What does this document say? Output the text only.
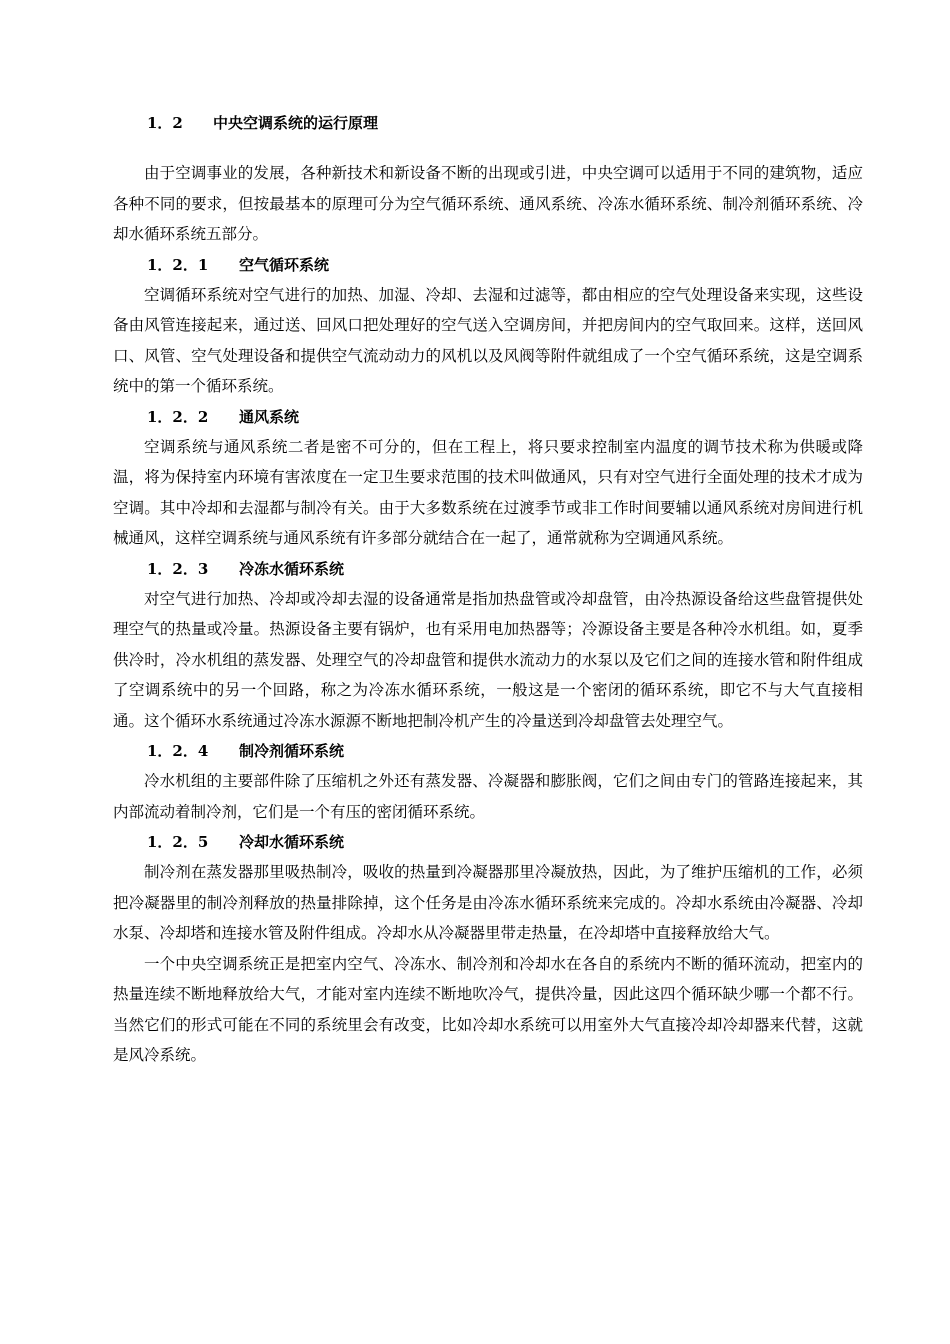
1．2 中央空调系统的运行原理

由于空调事业的发展，各种新技术和新设备不断的出现或引进，中央空调可以适用于不同的建筑物，适应各种不同的要求，但按最基本的原理可分为空气循环系统、通风系统、冷冻水循环系统、制冷剂循环系统、冷却水循环系统五部分。

1．2．1 空气循环系统

空调循环系统对空气进行的加热、加湿、冷却、去湿和过滤等，都由相应的空气处理设备来实现，这些设备由风管连接起来，通过送、回风口把处理好的空气送入空调房间，并把房间内的空气取回来。这样，送回风口、风管、空气处理设备和提供空气流动动力的风机以及风阀等附件就组成了一个空气循环系统，这是空调系统中的第一个循环系统。

1．2．2 通风系统

空调系统与通风系统二者是密不可分的，但在工程上，将只要求控制室内温度的调节技术称为供暖或降温，将为保持室内环境有害浓度在一定卫生要求范围的技术叫做通风，只有对空气进行全面处理的技术才成为空调。其中冷却和去湿都与制冷有关。由于大多数系统在过渡季节或非工作时间要辅以通风系统对房间进行机械通风，这样空调系统与通风系统有许多部分就结合在一起了，通常就称为空调通风系统。

1．2．3 冷冻水循环系统

对空气进行加热、冷却或冷却去湿的设备通常是指加热盘管或冷却盘管，由冷热源设备给这些盘管提供处理空气的热量或冷量。热源设备主要有锅炉，也有采用电加热器等；冷源设备主要是各种冷水机组。如，夏季供冷时，冷水机组的蒸发器、处理空气的冷却盘管和提供水流动力的水泵以及它们之间的连接水管和附件组成了空调系统中的另一个回路，称之为冷冻水循环系统，一般这是一个密闭的循环系统，即它不与大气直接相通。这个循环水系统通过冷冻水源源不断地把制冷机产生的冷量送到冷却盘管去处理空气。

1．2．4 制冷剂循环系统

冷水机组的主要部件除了压缩机之外还有蒸发器、冷凝器和膨胀阀，它们之间由专门的管路连接起来，其内部流动着制冷剂，它们是一个有压的密闭循环系统。

1．2．5 冷却水循环系统

制冷剂在蒸发器那里吸热制冷，吸收的热量到冷凝器那里冷凝放热，因此，为了维护压缩机的工作，必须把冷凝器里的制冷剂释放的热量排除掉，这个任务是由冷冻水循环系统来完成的。冷却水系统由冷凝器、冷却水泵、冷却塔和连接水管及附件组成。冷却水从冷凝器里带走热量，在冷却塔中直接释放给大气。

一个中央空调系统正是把室内空气、冷冻水、制冷剂和冷却水在各自的系统内不断的循环流动，把室内的热量连续不断地释放给大气，才能对室内连续不断地吹冷气，提供冷量，因此这四个循环缺少哪一个都不行。当然它们的形式可能在不同的系统里会有改变，比如冷却水系统可以用室外大气直接冷却冷却器来代替，这就是风冷系统。
